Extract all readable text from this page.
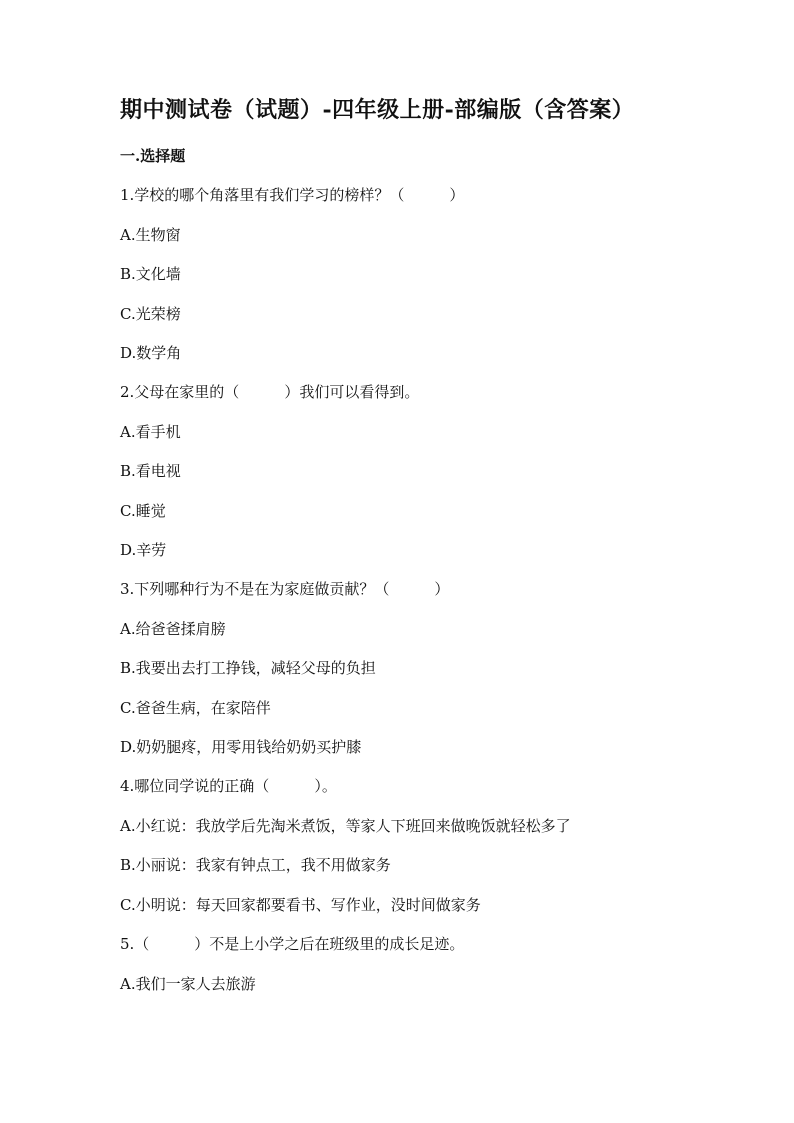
期中测试卷（试题）-四年级上册-部编版（含答案）
一.选择题
1.学校的哪个角落里有我们学习的榜样？（　　　）
A.生物窗
B.文化墙
C.光荣榜
D.数学角
2.父母在家里的（　　　）我们可以看得到。
A.看手机
B.看电视
C.睡觉
D.辛劳
3.下列哪种行为不是在为家庭做贡献？（　　　）
A.给爸爸揉肩膀
B.我要出去打工挣钱，减轻父母的负担
C.爸爸生病，在家陪伴
D.奶奶腿疼，用零用钱给奶奶买护膝
4.哪位同学说的正确（　　　）。
A.小红说：我放学后先淘米煮饭，等家人下班回来做晚饭就轻松多了
B.小丽说：我家有钟点工，我不用做家务
C.小明说：每天回家都要看书、写作业，没时间做家务
5.（　　　）不是上小学之后在班级里的成长足迹。
A.我们一家人去旅游
